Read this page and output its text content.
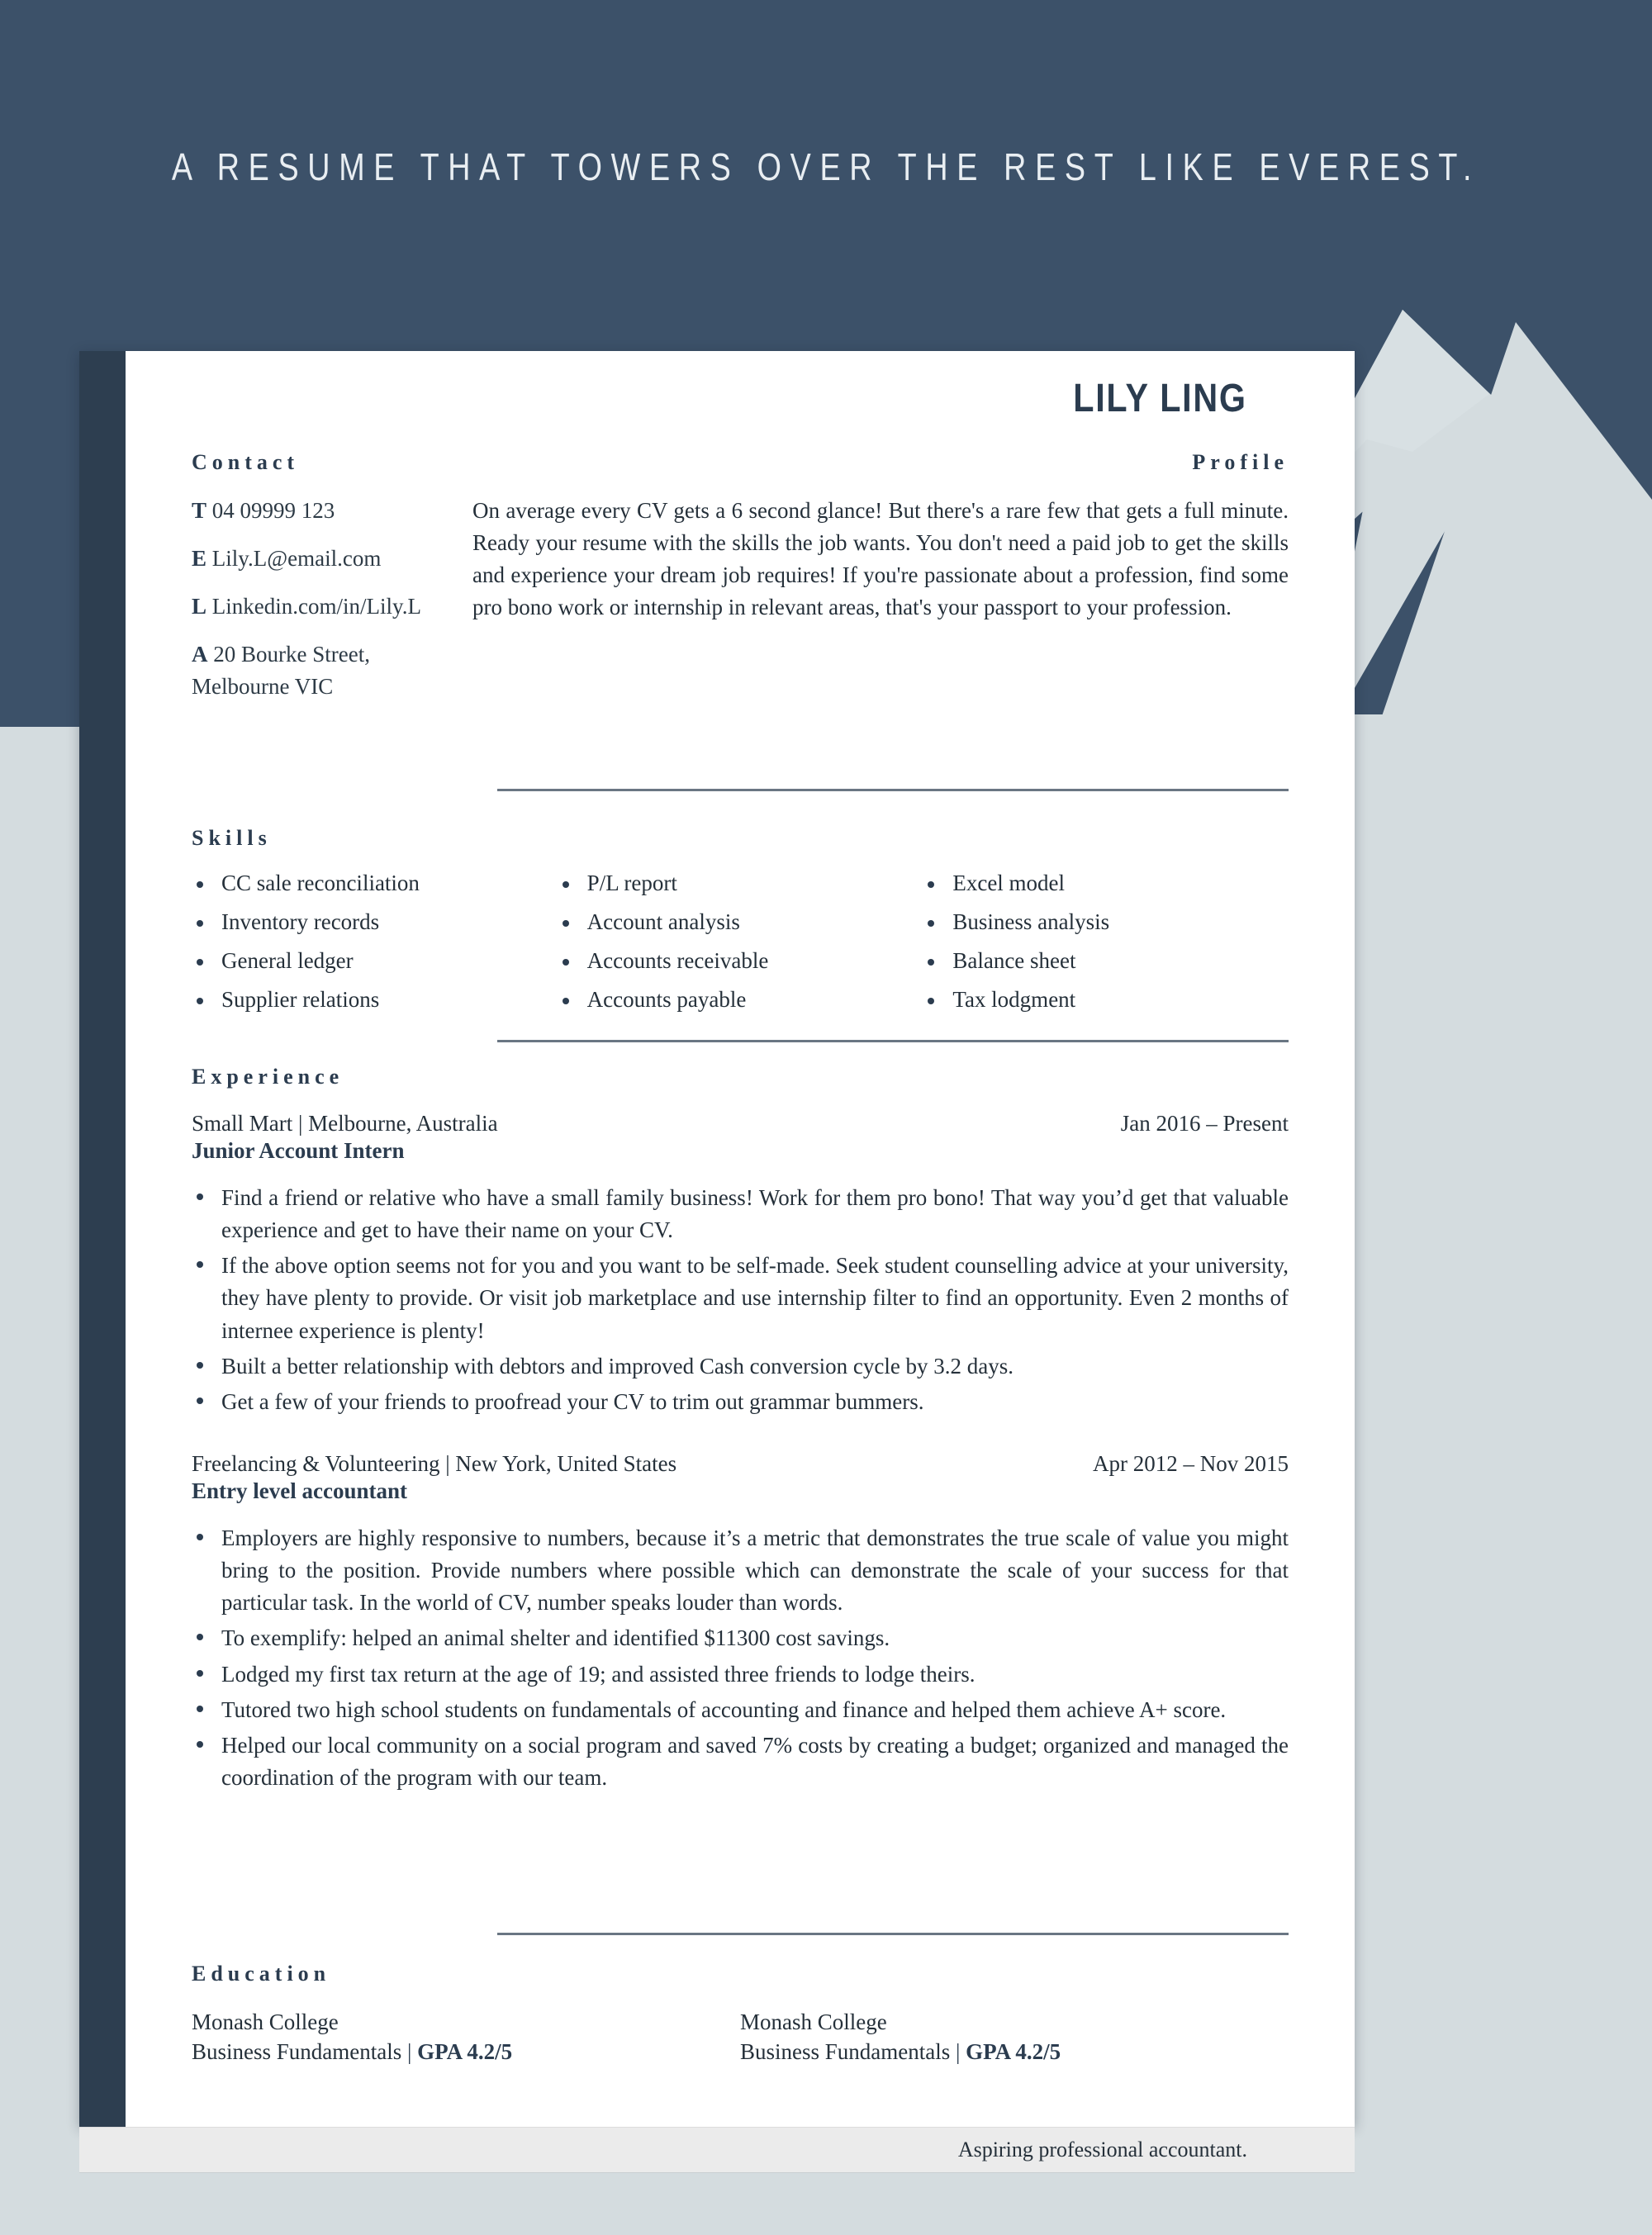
A RESUME THAT TOWERS OVER THE REST LIKE EVEREST.
LILY LING
Contact
T 04 09999 123
E Lily.L@email.com
L Linkedin.com/in/Lily.L
A 20 Bourke Street, Melbourne VIC
Profile
On average every CV gets a 6 second glance! But there's a rare few that gets a full minute. Ready your resume with the skills the job wants. You don't need a paid job to get the skills and experience your dream job requires! If you're passionate about a profession, find some pro bono work or internship in relevant areas, that's your passport to your profession.
Skills
CC sale reconciliation
Inventory records
General ledger
Supplier relations
P/L report
Account analysis
Accounts receivable
Accounts payable
Excel model
Business analysis
Balance sheet
Tax lodgment
Experience
Small Mart | Melbourne, Australia	Jan 2016 – Present
Junior Account Intern
Find a friend or relative who have a small family business! Work for them pro bono! That way you’d get that valuable experience and get to have their name on your CV.
If the above option seems not for you and you want to be self-made. Seek student counselling advice at your university, they have plenty to provide. Or visit job marketplace and use internship filter to find an opportunity. Even 2 months of internee experience is plenty!
Built a better relationship with debtors and improved Cash conversion cycle by 3.2 days.
Get a few of your friends to proofread your CV to trim out grammar bummers.
Freelancing & Volunteering | New York, United States	Apr 2012 – Nov 2015
Entry level accountant
Employers are highly responsive to numbers, because it’s a metric that demonstrates the true scale of value you might bring to the position. Provide numbers where possible which can demonstrate the scale of your success for that particular task. In the world of CV, number speaks louder than words.
To exemplify: helped an animal shelter and identified $11300 cost savings.
Lodged my first tax return at the age of 19; and assisted three friends to lodge theirs.
Tutored two high school students on fundamentals of accounting and finance and helped them achieve A+ score.
Helped our local community on a social program and saved 7% costs by creating a budget; organized and managed the coordination of the program with our team.
Education
Monash College
Business Fundamentals | GPA 4.2/5
Monash College
Business Fundamentals | GPA 4.2/5
Aspiring professional accountant.
